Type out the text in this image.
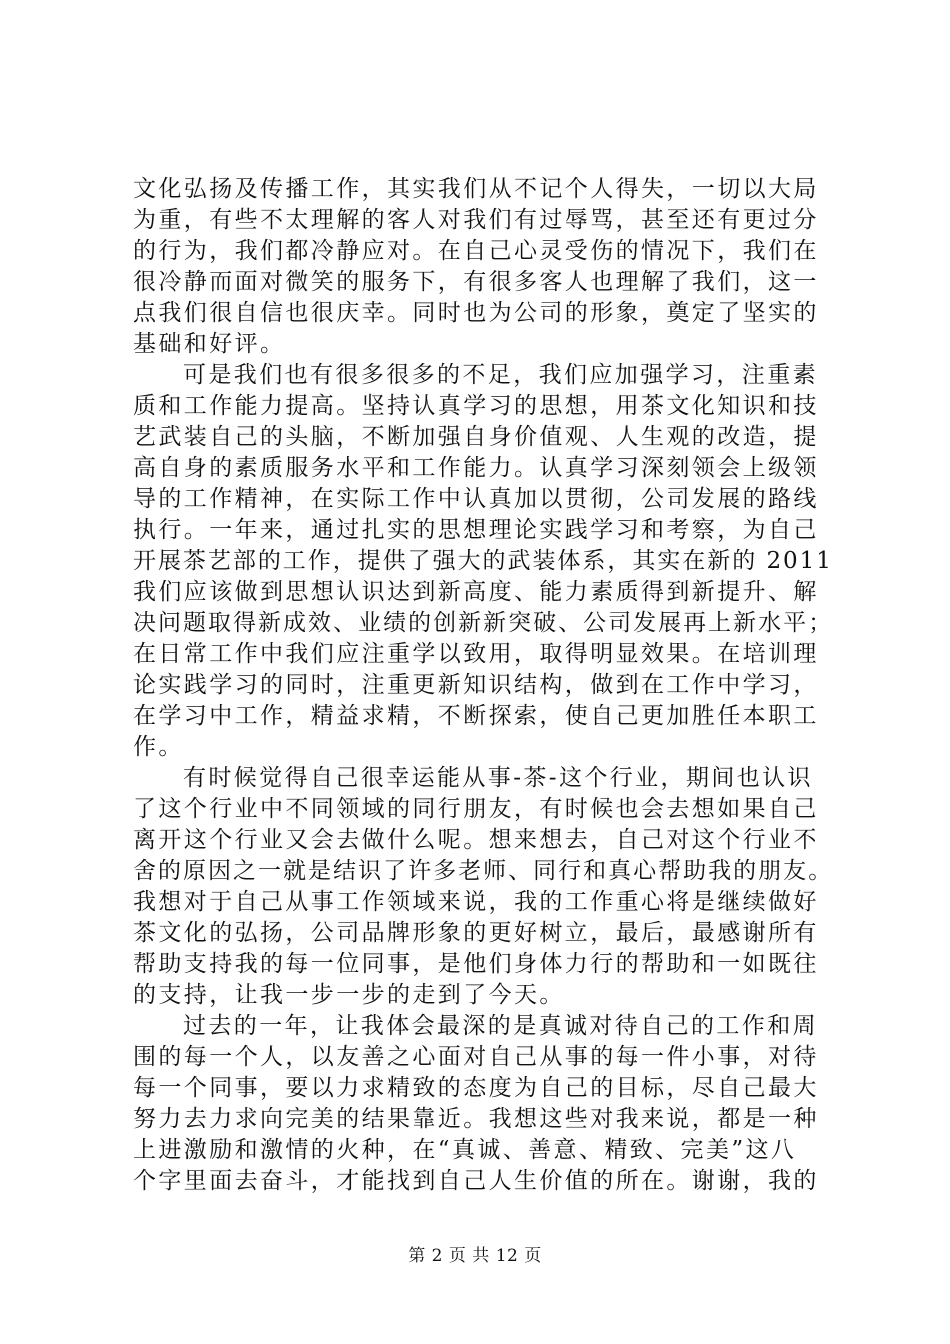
文化弘扬及传播工作，其实我们从不记个人得失，一切以大局
为重，有些不太理解的客人对我们有过辱骂，甚至还有更过分
的行为，我们都冷静应对。在自己心灵受伤的情况下，我们在
很冷静而面对微笑的服务下，有很多客人也理解了我们，这一
点我们很自信也很庆幸。同时也为公司的形象，奠定了坚实的
基础和好评。
可是我们也有很多很多的不足，我们应加强学习，注重素
质和工作能力提高。坚持认真学习的思想，用茶文化知识和技
艺武装自己的头脑，不断加强自身价值观、人生观的改造，提
高自身的素质服务水平和工作能力。认真学习深刻领会上级领
导的工作精神，在实际工作中认真加以贯彻，公司发展的路线
执行。一年来，通过扎实的思想理论实践学习和考察，为自己
开展茶艺部的工作，提供了强大的武装体系，其实在新的 2011
我们应该做到思想认识达到新高度、能力素质得到新提升、解
决问题取得新成效、业绩的创新新突破、公司发展再上新水平；
在日常工作中我们应注重学以致用，取得明显效果。在培训理
论实践学习的同时，注重更新知识结构，做到在工作中学习，
在学习中工作，精益求精，不断探索，使自己更加胜任本职工
作。
有时候觉得自己很幸运能从事-茶-这个行业，期间也认识
了这个行业中不同领域的同行朋友，有时候也会去想如果自己
离开这个行业又会去做什么呢。想来想去，自己对这个行业不
舍的原因之一就是结识了许多老师、同行和真心帮助我的朋友。
我想对于自己从事工作领域来说，我的工作重心将是继续做好
茶文化的弘扬，公司品牌形象的更好树立，最后，最感谢所有
帮助支持我的每一位同事，是他们身体力行的帮助和一如既往
的支持，让我一步一步的走到了今天。
过去的一年，让我体会最深的是真诚对待自己的工作和周
围的每一个人，以友善之心面对自己从事的每一件小事，对待
每一个同事，要以力求精致的态度为自己的目标，尽自己最大
努力去力求向完美的结果靠近。我想这些对我来说，都是一种
上进激励和激情的火种，在“真诚、善意、精致、完美”这八
个字里面去奋斗，才能找到自己人生价值的所在。谢谢，我的
第 2 页 共 12 页
